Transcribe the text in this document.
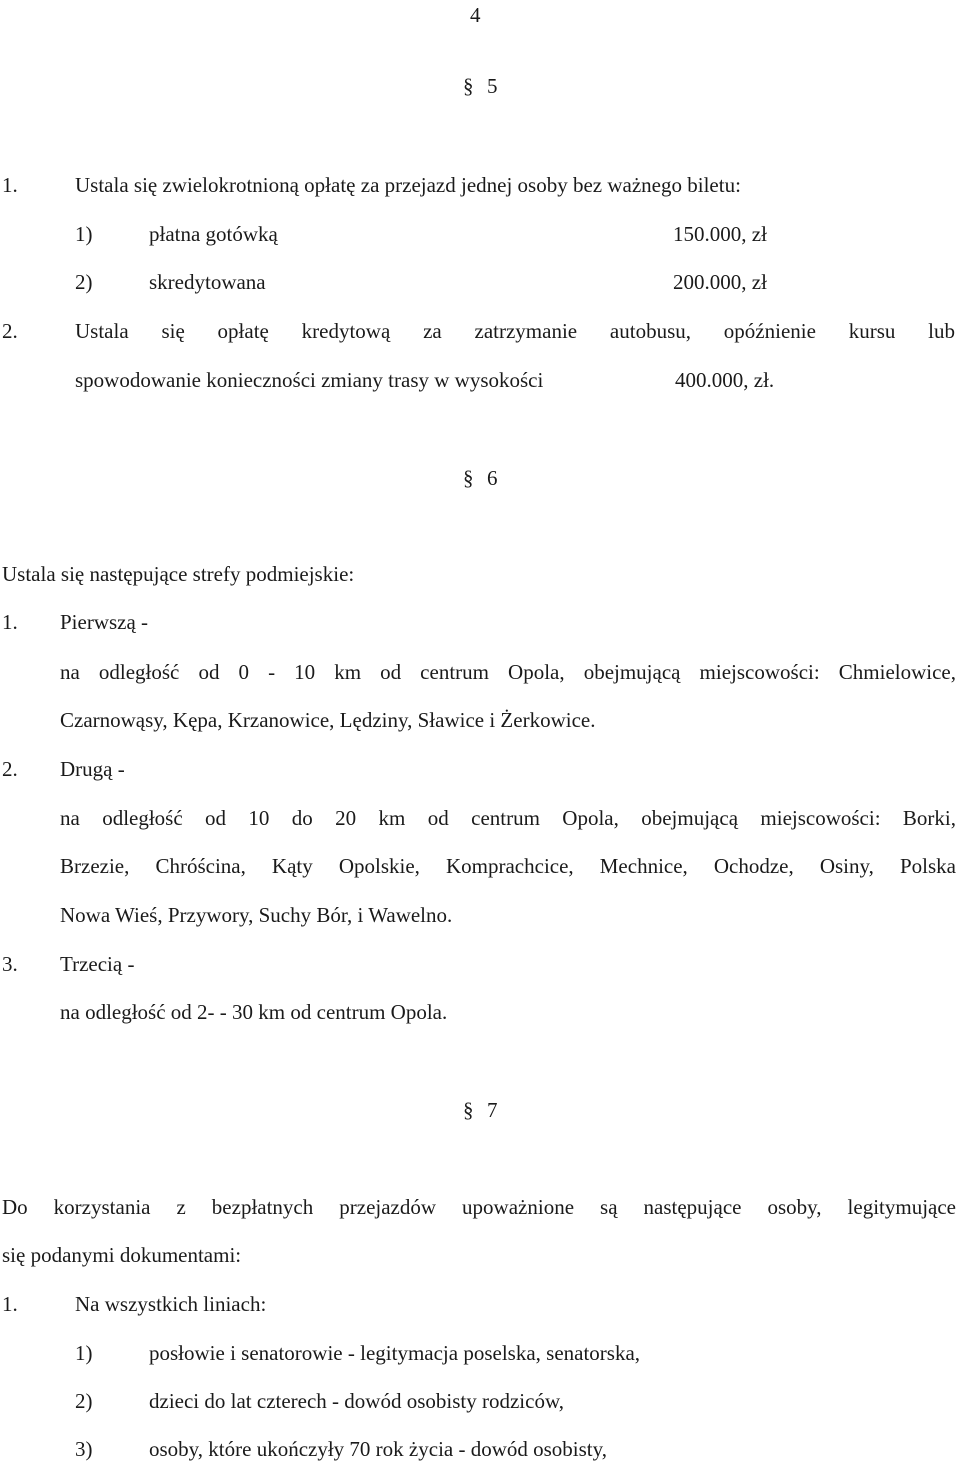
4
§ 5
1.	Ustala się zwielokrotnioną opłatę za przejazd jednej osoby bez ważnego biletu:
1)	płatna gotówką	150.000, zł
2)	skredytowana	200.000, zł
2.	Ustala się opłatę kredytową za zatrzymanie autobusu, opóźnienie kursu lub
spowodowanie konieczności zmiany trasy w wysokości	400.000, zł.
§ 6
Ustala się następujące strefy podmiejskie:
1. Pierwszą -
na odległość od 0 - 10 km od centrum Opola, obejmującą miejscowości: Chmielowice,
Czarnowąsy, Kępa, Krzanowice, Lędziny, Sławice i Żerkowice.
2. Drugą -
na odległość od 10 do 20 km od centrum Opola, obejmującą miejscowości: Borki,
Brzezie, Chróścina, Kąty Opolskie, Komprachcice, Mechnice, Ochodze, Osiny, Polska
Nowa Wieś, Przywory, Suchy Bór, i Wawelno.
3. Trzecią -
na odległość od 2- - 30 km od centrum Opola.
§ 7
Do korzystania z bezpłatnych przejazdów upoważnione są następujące osoby, legitymujące
się podanymi dokumentami:
1.	Na wszystkich liniach:
1)	posłowie i senatorowie - legitymacja poselska, senatorska,
2)	dzieci do lat czterech - dowód osobisty rodziców,
3)	osoby, które ukończyły 70 rok życia - dowód osobisty,
